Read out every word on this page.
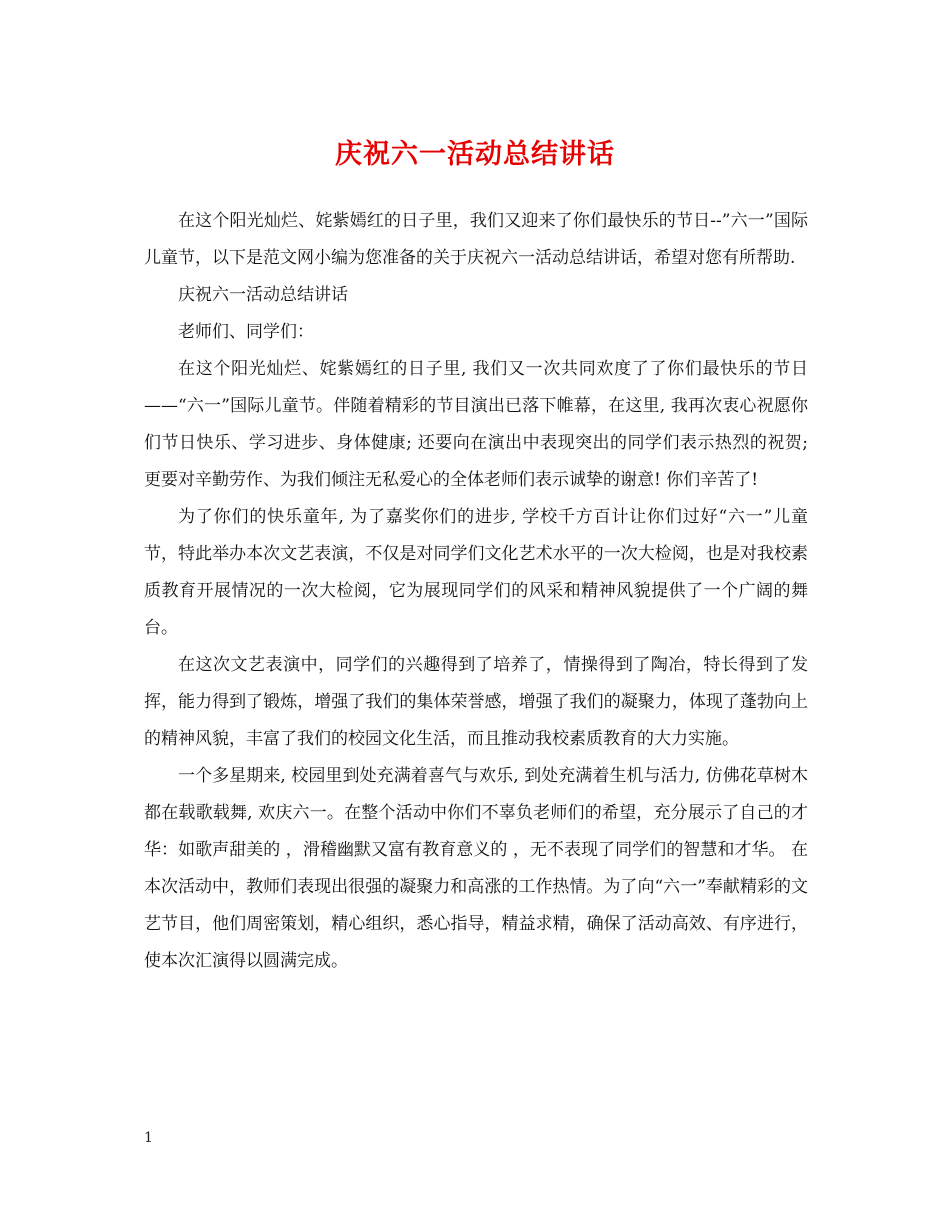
庆祝六一活动总结讲话

在这个阳光灿烂、姹紫嫣红的日子里，我们又迎来了你们最快乐的节日--”六一”国际儿童节，以下是范文网小编为您准备的关于庆祝六一活动总结讲话，希望对您有所帮助.

庆祝六一活动总结讲话

老师们、同学们：

在这个阳光灿烂、姹紫嫣红的日子里, 我们又一次共同欢度了了你们最快乐的节日——“六一”国际儿童节。伴随着精彩的节目演出已落下帷幕，在这里, 我再次衷心祝愿你们节日快乐、学习进步、身体健康; 还要向在演出中表现突出的同学们表示热烈的祝贺; 更要对辛勤劳作、为我们倾注无私爱心的全体老师们表示诚挚的谢意! 你们辛苦了!

为了你们的快乐童年, 为了嘉奖你们的进步, 学校千方百计让你们过好“六一”儿童节，特此举办本次文艺表演，不仅是对同学们文化艺术水平的一次大检阅，也是对我校素质教育开展情况的一次大检阅，它为展现同学们的风采和精神风貌提供了一个广阔的舞台。

在这次文艺表演中，同学们的兴趣得到了培养了，情操得到了陶冶，特长得到了发挥，能力得到了锻炼，增强了我们的集体荣誉感，增强了我们的凝聚力，体现了蓬勃向上的精神风貌，丰富了我们的校园文化生活，而且推动我校素质教育的大力实施。

一个多星期来, 校园里到处充满着喜气与欢乐, 到处充满着生机与活力, 仿佛花草树木都在载歌载舞, 欢庆六一。在整个活动中你们不辜负老师们的希望，充分展示了自己的才华：如歌声甜美的 ，滑稽幽默又富有教育意义的 ，无不表现了同学们的智慧和才华。 在本次活动中，教师们表现出很强的凝聚力和高涨的工作热情。为了向“六一”奉献精彩的文艺节目，他们周密策划，精心组织，悉心指导，精益求精，确保了活动高效、有序进行，使本次汇演得以圆满完成。

1
